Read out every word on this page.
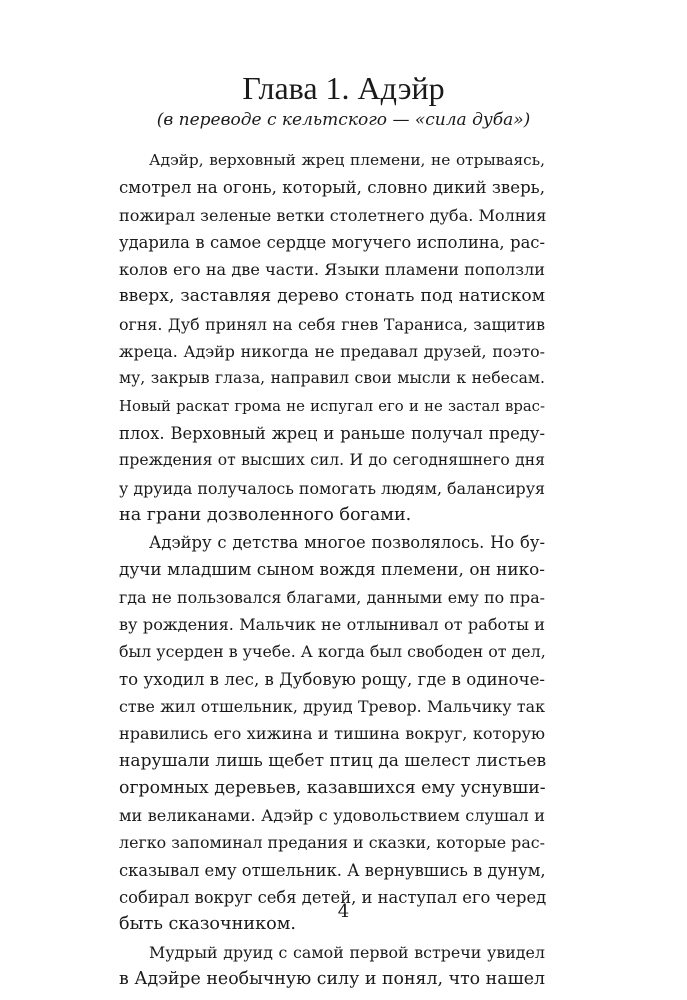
Глава 1. Адэйр
(в переводе с кельтского — «сила дуба»)
Адэйр, верховный жрец племени, не отрываясь,
смотрел на огонь, который, словно дикий зверь,
пожирал зеленые ветки столетнего дуба. Молния
ударила в самое сердце могучего исполина, рас-
колов его на две части. Языки пламени поползли
вверх, заставляя дерево стонать под натиском
огня. Дуб принял на себя гнев Тараниса, защитив
жреца. Адэйр никогда не предавал друзей, поэто-
му, закрыв глаза, направил свои мысли к небесам.
Новый раскат грома не испугал его и не застал врас-
плох. Верховный жрец и раньше получал преду-
преждения от высших сил. И до сегодняшнего дня
у друида получалось помогать людям, балансируя
на грани дозволенного богами.
Адэйру с детства многое позволялось. Но бу-
дучи младшим сыном вождя племени, он нико-
гда не пользовался благами, данными ему по пра-
ву рождения. Мальчик не отлынивал от работы и
был усерден в учебе. А когда был свободен от дел,
то уходил в лес, в Дубовую рощу, где в одиноче-
стве жил отшельник, друид Тревор. Мальчику так
нравились его хижина и тишина вокруг, которую
нарушали лишь щебет птиц да шелест листьев
огромных деревьев, казавшихся ему уснувши-
ми великанами. Адэйр с удовольствием слушал и
легко запоминал предания и сказки, которые рас-
сказывал ему отшельник. А вернувшись в дунум,
собирал вокруг себя детей, и наступал его черед
быть сказочником.
Мудрый друид с самой первой встречи увидел
в Адэйре необычную силу и понял, что нашел
4
